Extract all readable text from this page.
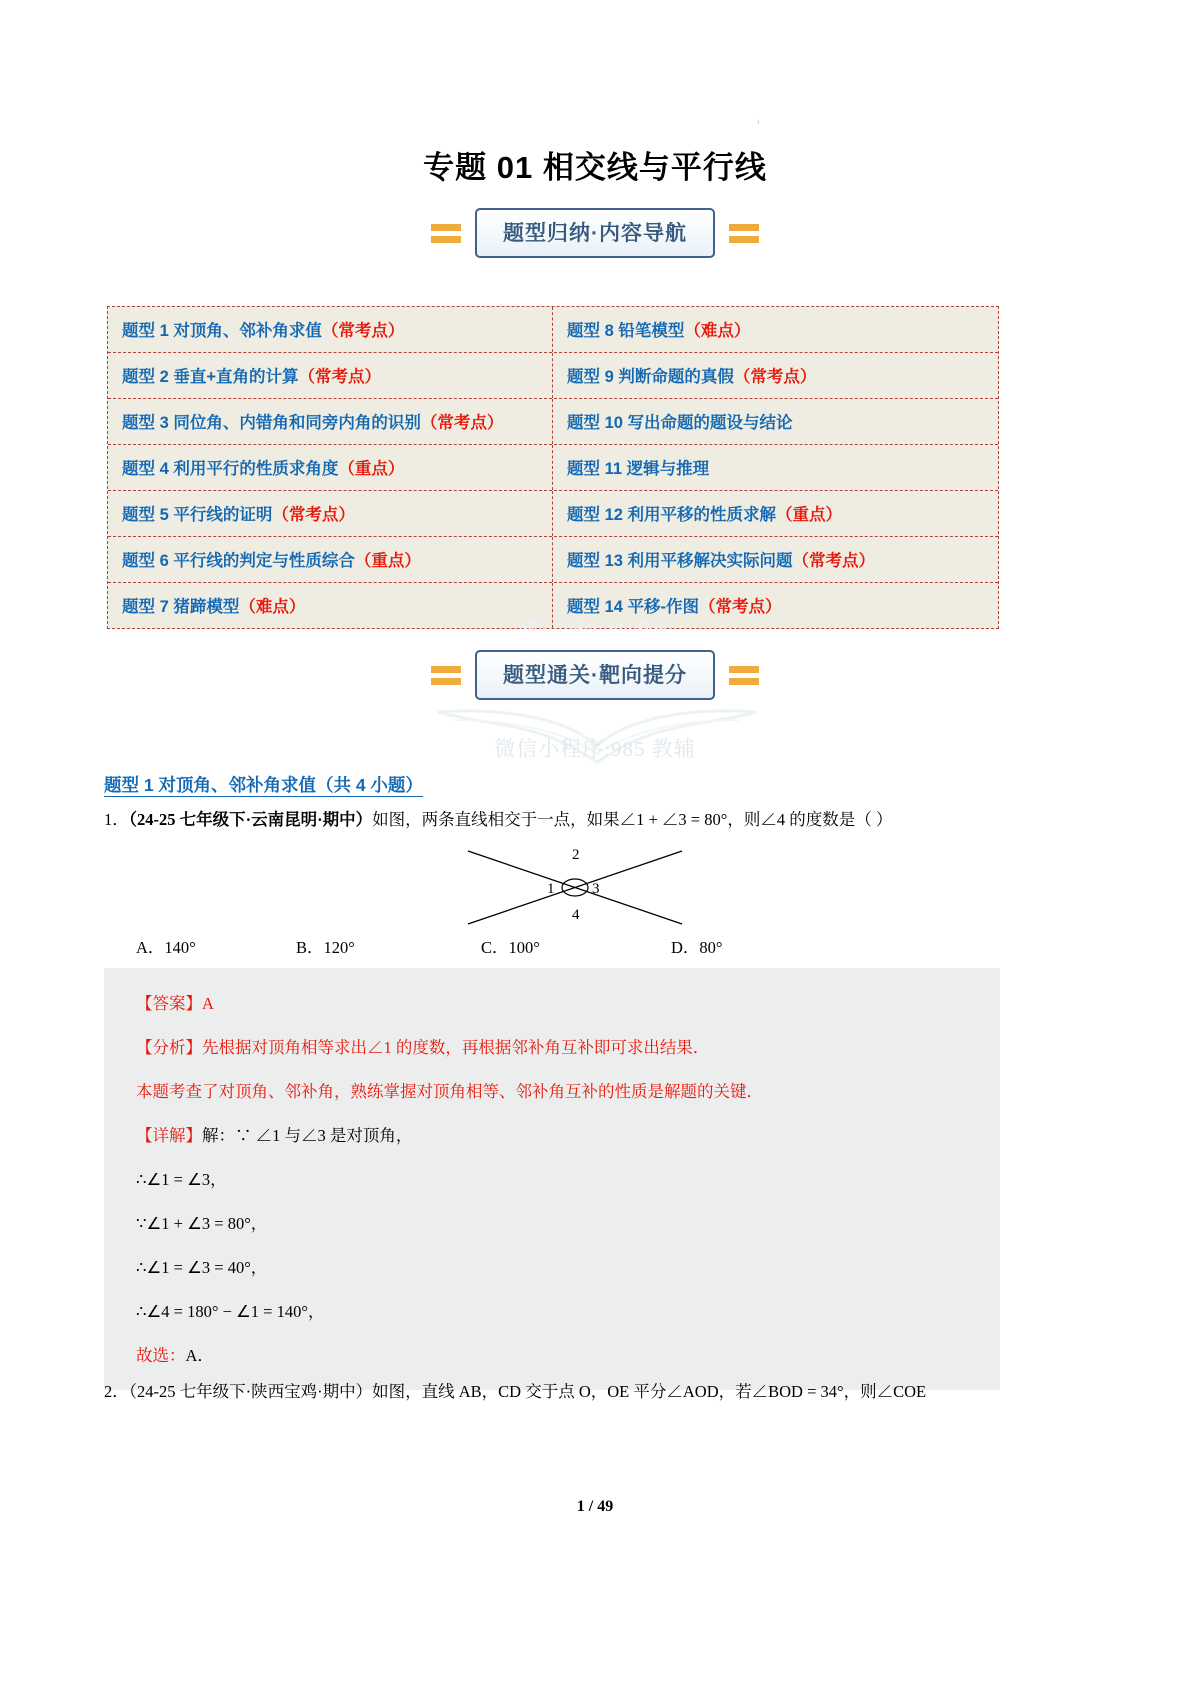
ı
专题 01 相交线与平行线
题型归纳·内容导航
题型 1 对顶角、邻补角求值（常考点）	题型 8 铅笔模型（难点）
题型 2 垂直+直角的计算（常考点）	题型 9 判断命题的真假（常考点）
题型 3 同位角、内错角和同旁内角的识别（常考点）	题型 10 写出命题的题设与结论
题型 4 利用平行的性质求角度（重点）	题型 11 逻辑与推理
题型 5 平行线的证明（常考点）	题型 12 利用平移的性质求解（重点）
题型 6 平行线的判定与性质综合（重点）	题型 13 利用平移解决实际问题（常考点）
题型 7 猪蹄模型（难点）	题型 14 平移-作图（常考点）
微信小程序:985 教辅
题型通关·靶向提分
微信小程序:985 教辅
题型 1 对顶角、邻补角求值（共 4 小题）
1．（24-25 七年级下·云南昆明·期中）如图，两条直线相交于一点，如果∠1 + ∠3 = 80°，则∠4 的度数是（ ）
2
1	3
4
A．140°	B．120°	C．100°	D．80°
【答案】A
【分析】先根据对顶角相等求出∠1 的度数，再根据邻补角互补即可求出结果．
本题考查了对顶角、邻补角，熟练掌握对顶角相等、邻补角互补的性质是解题的关键．
【详解】解：∵ ∠1 与∠3 是对顶角，
∴∠1 = ∠3，
∵∠1 + ∠3 = 80°，
∴∠1 = ∠3 = 40°，
∴∠4 = 180° − ∠1 = 140°，
故选：A．
2．（24-25 七年级下·陕西宝鸡·期中）如图，直线 AB，CD 交于点 O，OE 平分∠AOD，若∠BOD = 34°，则∠COE
1 / 49
